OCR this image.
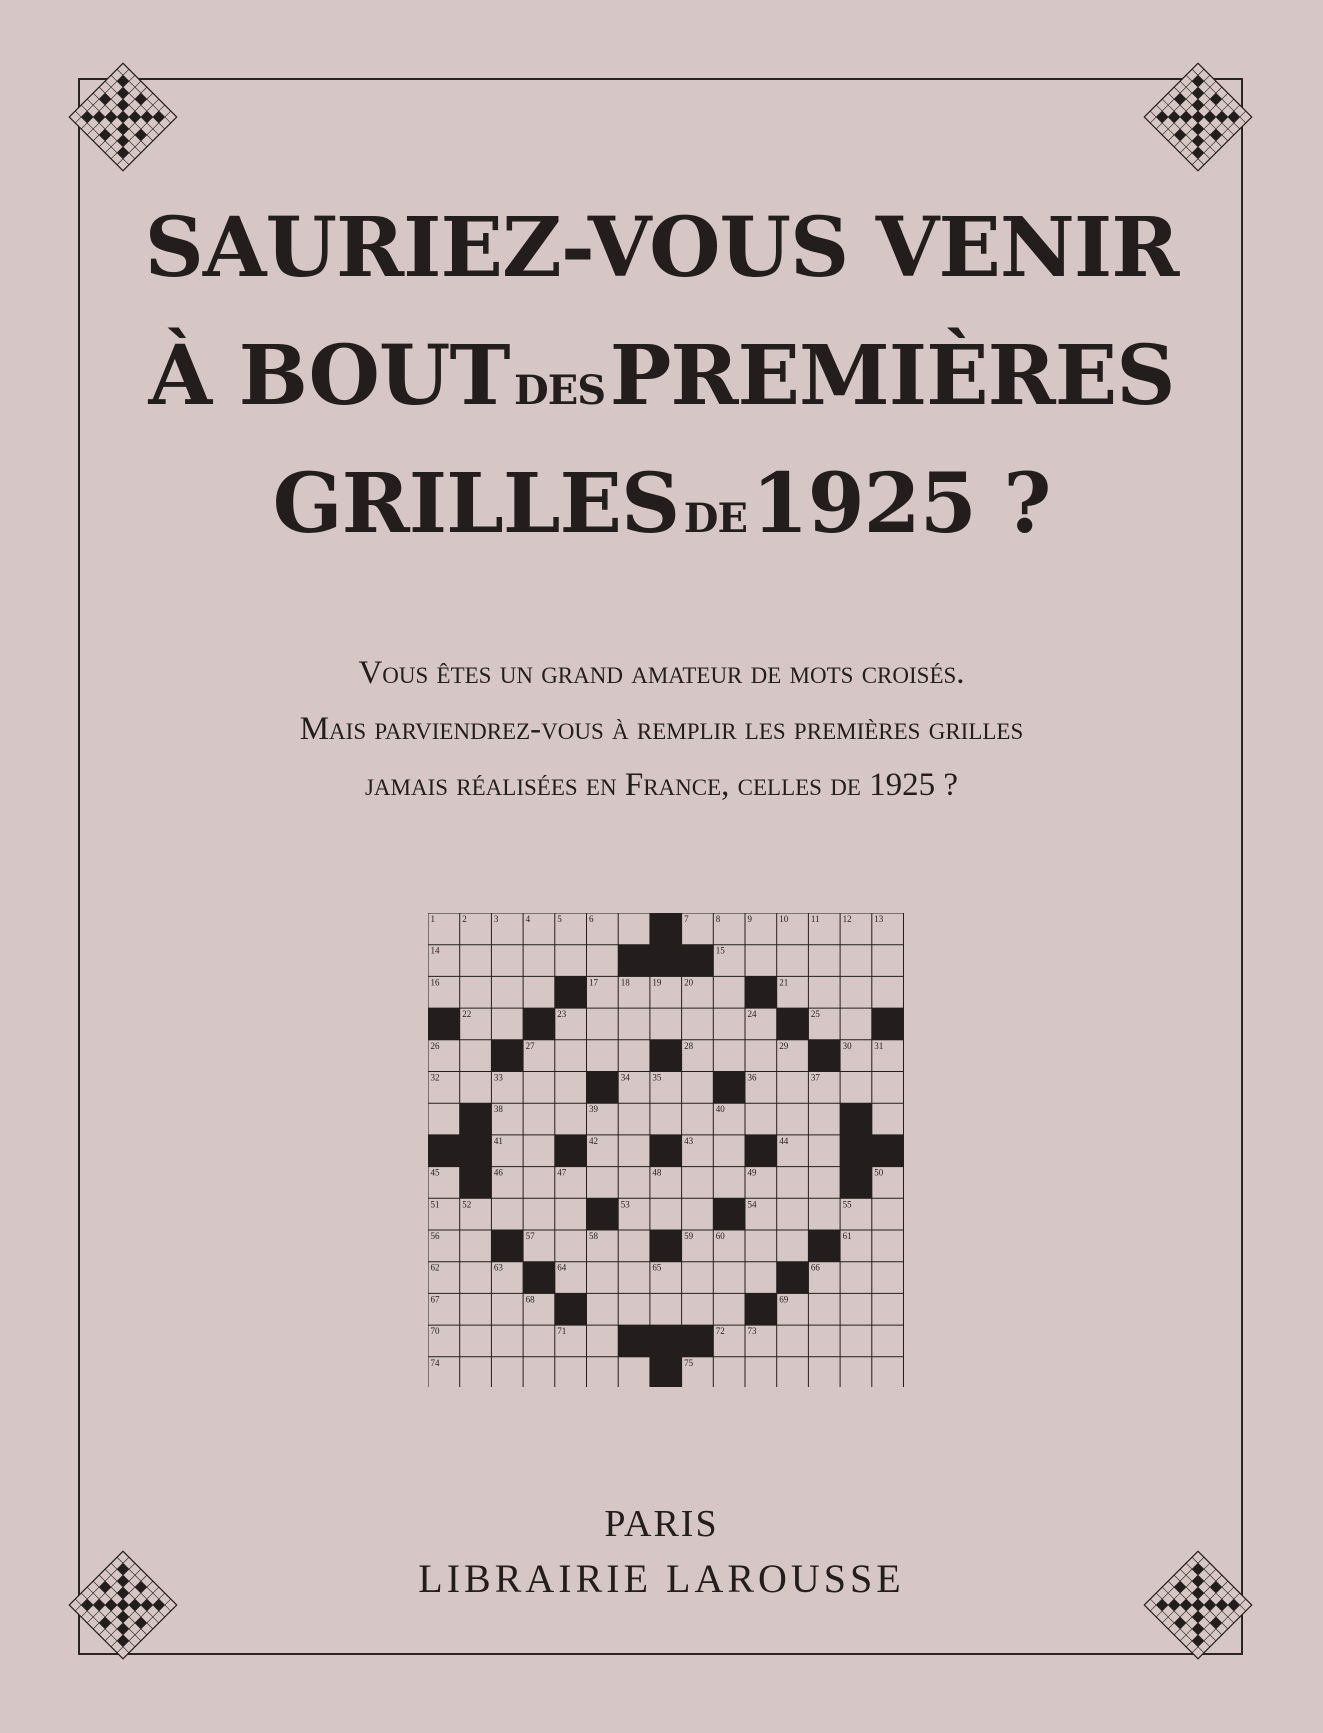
SAURIEZ-VOUS VENIR
À BOUT DES PREMIÈRES
GRILLES DE 1925 ?
Vous êtes un grand amateur de mots croisés.
Mais parviendrez-vous à remplir les premières grilles
jamais réalisées en France, celles de 1925 ?
1	2	3	4	5	6	7	8	9	10	11	12	13
14	15
16	17	18	19	20	21
22	23	24	25
26	27	28	29	30	31
32	33	34	35	36	37
38	39	40
41	42	43	44
45	46	47	48	49	50
51	52	53	54	55
56	57	58	59	60	61
62	63	64	65	66
67	68	69
70	71	72	73
74	75
PARIS
LIBRAIRIE LAROUSSE
